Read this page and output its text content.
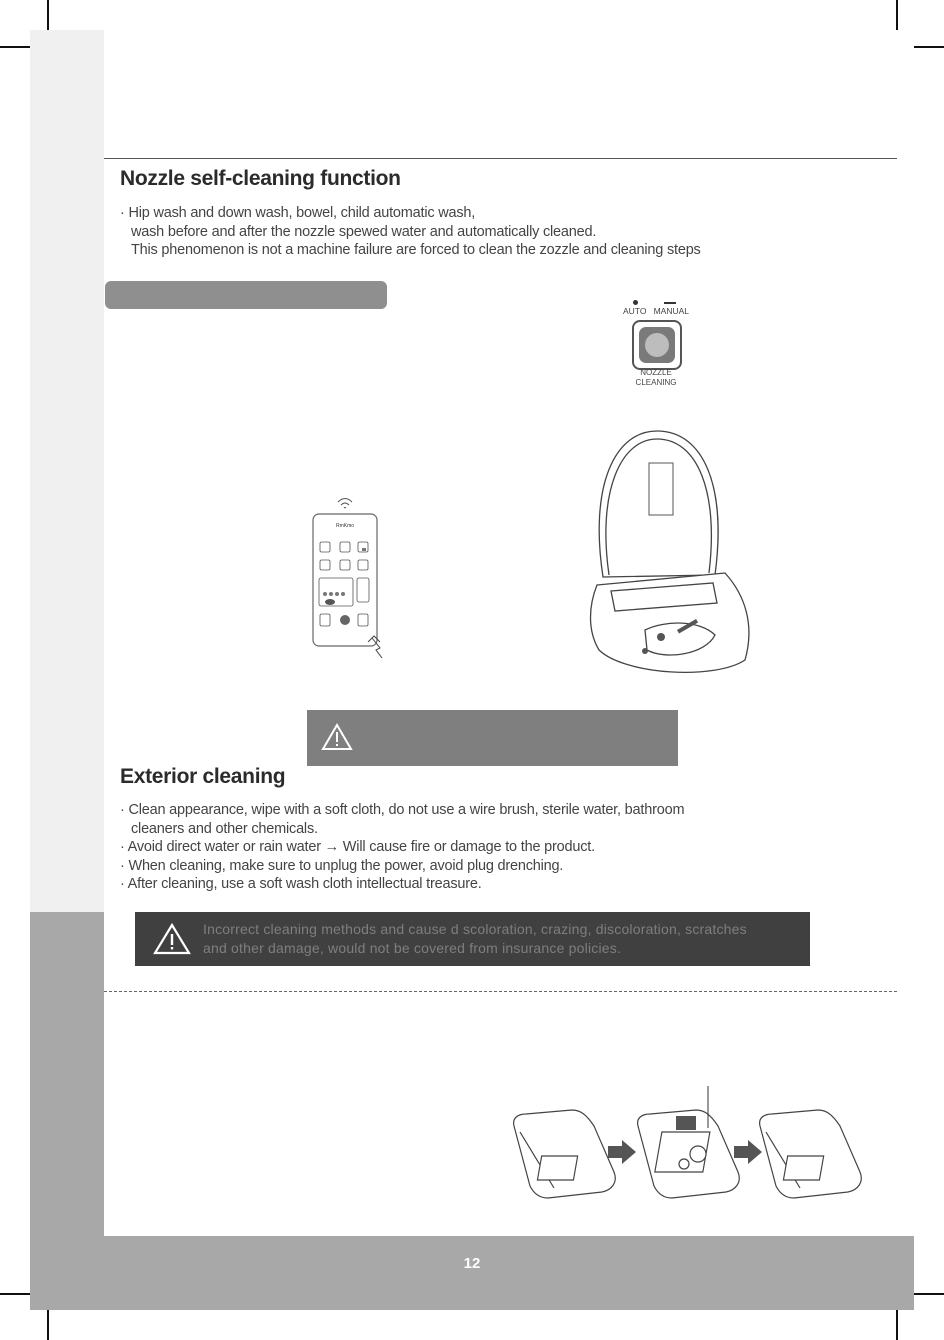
12
Nozzle self-cleaning function
· Hip wash and down wash, bowel, child automatic wash,
wash before and after the nozzle spewed water and automatically cleaned.
This phenomenon is not a machine failure are forced to clean the zozzle and cleaning steps
AUTO MANUAL
NOZZLE
CLEANING
RmKmo
Exterior cleaning
· Clean appearance, wipe with a soft cloth, do not use a wire brush, sterile water, bathroom
cleaners and other chemicals.
· Avoid direct water or rain water → Will cause fire or damage to the product.
· When cleaning, make sure to unplug the power, avoid plug drenching.
· After cleaning, use a soft wash cloth intellectual treasure.

Incorrect cleaning methods and cause d scoloration, crazing, discoloration, scratches
and other damage, would not be covered from insurance policies.
